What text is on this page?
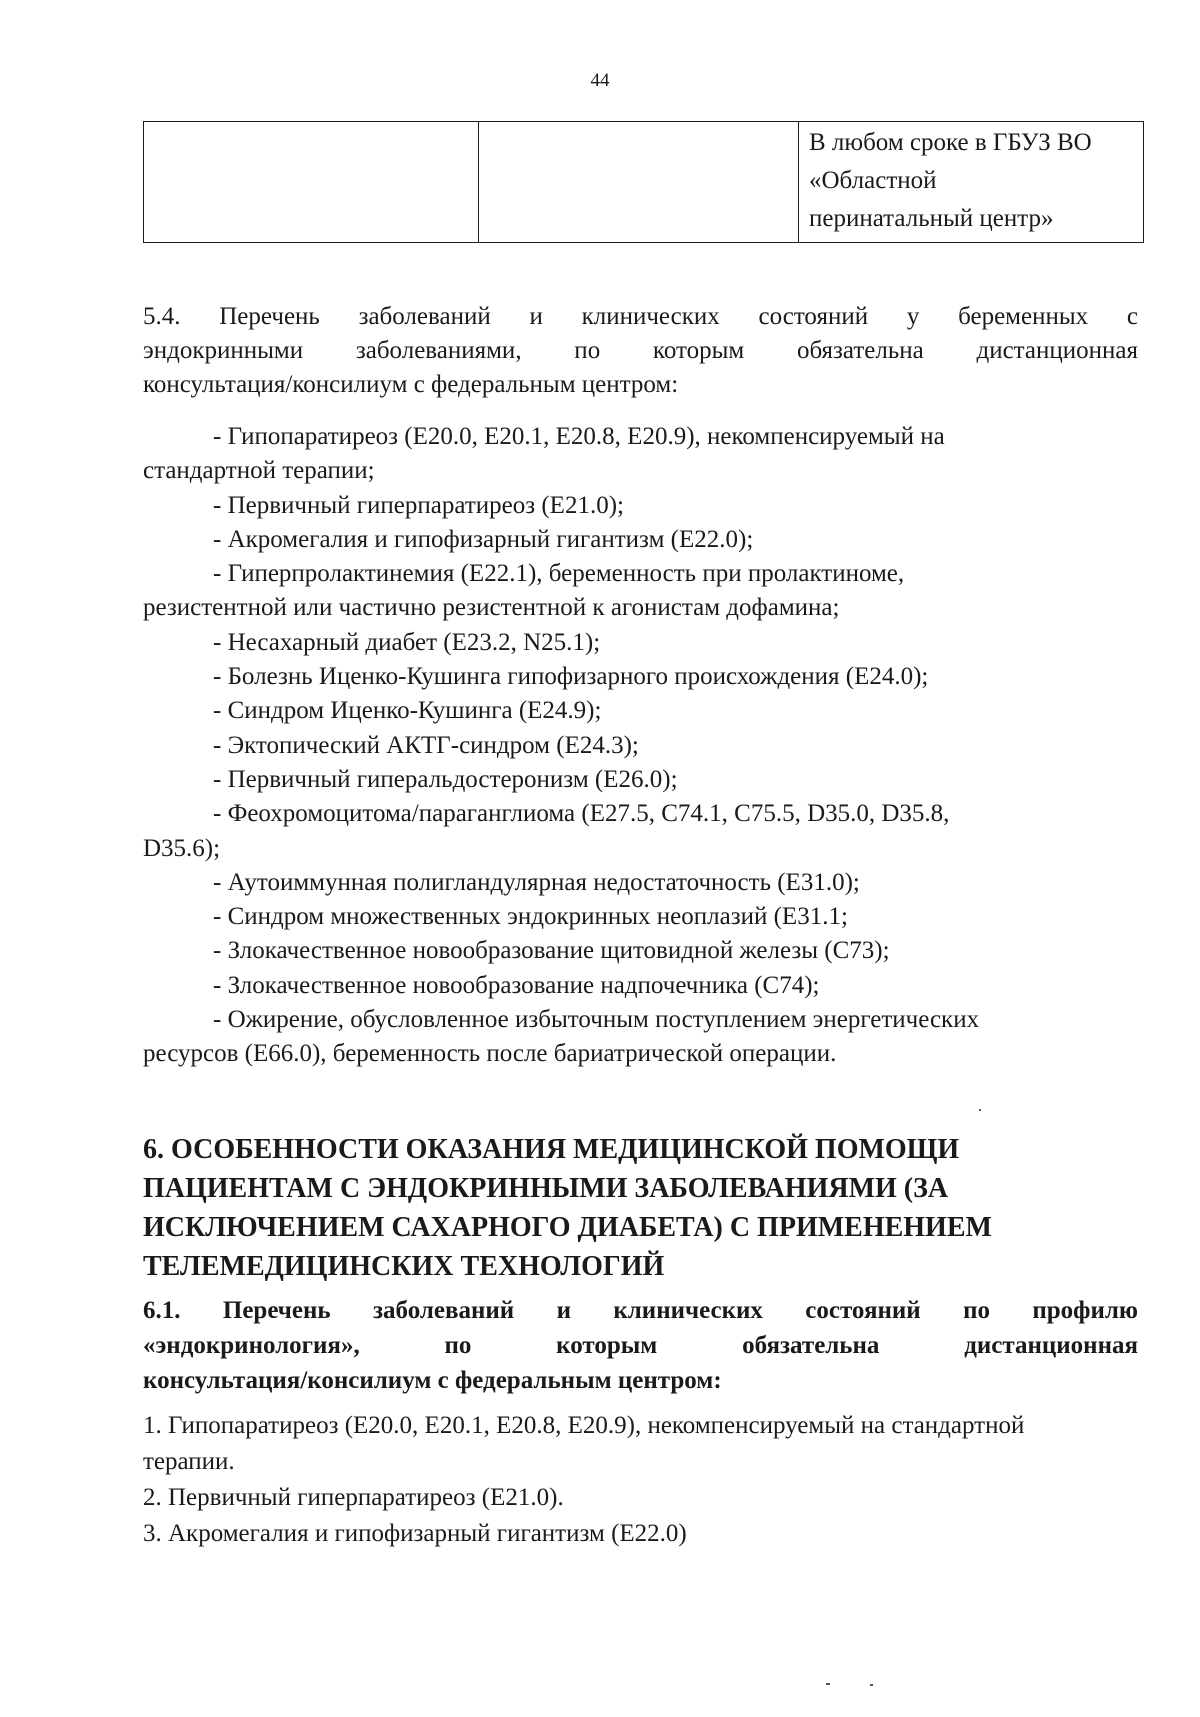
44

В любом сроке в ГБУЗ ВО
«Областной
перинатальный центр»
5.4. Перечень заболеваний и клинических состояний у беременных с
эндокринными заболеваниями, по которым обязательна дистанционная
консультация/консилиум с федеральным центром:
- Гипопаратиреоз (E20.0, E20.1, E20.8, E20.9), некомпенсируемый на
стандартной терапии;
- Первичный гиперпаратиреоз (E21.0);
- Акромегалия и гипофизарный гигантизм (E22.0);
- Гиперпролактинемия (E22.1), беременность при пролактиноме,
резистентной или частично резистентной к агонистам дофамина;
- Несахарный диабет (E23.2, N25.1);
- Болезнь Иценко-Кушинга гипофизарного происхождения (E24.0);
- Синдром Иценко-Кушинга (E24.9);
- Эктопический АКТГ-синдром (E24.3);
- Первичный гиперальдостеронизм (E26.0);
- Феохромоцитома/параганглиома (E27.5, C74.1, C75.5, D35.0, D35.8,
D35.6);
- Аутоиммунная полигландулярная недостаточность (E31.0);
- Синдром множественных эндокринных неоплазий (E31.1;
- Злокачественное новообразование щитовидной железы (C73);
- Злокачественное новообразование надпочечника (C74);
- Ожирение, обусловленное избыточным поступлением энергетических
ресурсов (E66.0), беременность после бариатрической операции.
6. ОСОБЕННОСТИ ОКАЗАНИЯ МЕДИЦИНСКОЙ ПОМОЩИ
ПАЦИЕНТАМ С ЭНДОКРИННЫМИ ЗАБОЛЕВАНИЯМИ (ЗА
ИСКЛЮЧЕНИЕМ САХАРНОГО ДИАБЕТА) С ПРИМЕНЕНИЕМ
ТЕЛЕМЕДИЦИНСКИХ ТЕХНОЛОГИЙ
6.1. Перечень заболеваний и клинических состояний по профилю
«эндокринология», по которым обязательна дистанционная
консультация/консилиум с федеральным центром:
1. Гипопаратиреоз (E20.0, E20.1, E20.8, E20.9), некомпенсируемый на стандартной
терапии.
2. Первичный гиперпаратиреоз (E21.0).
3. Акромегалия и гипофизарный гигантизм (E22.0)
